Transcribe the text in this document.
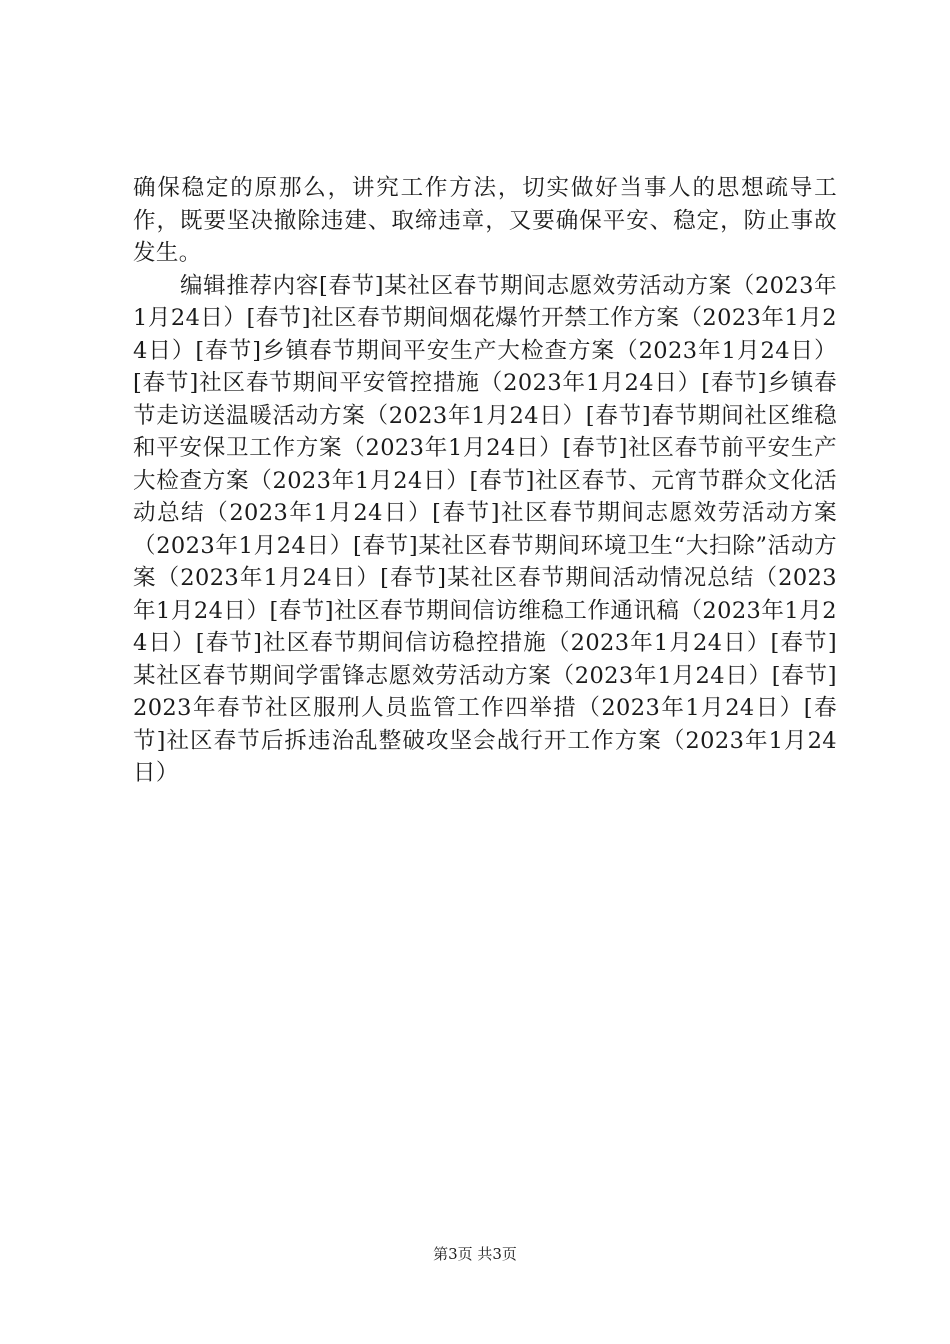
确保稳定的原那么，讲究工作方法，切实做好当事人的思想疏导工作，既要坚决撤除违建、取缔违章，又要确保平安、稳定，防止事故发生。

编辑推荐内容[春节]某社区春节期间志愿效劳活动方案（2023年1月24日）[春节]社区春节期间烟花爆竹开禁工作方案（2023年1月24日）[春节]乡镇春节期间平安生产大检查方案（2023年1月24日）[春节]社区春节期间平安管控措施（2023年1月24日）[春节]乡镇春节走访送温暖活动方案（2023年1月24日）[春节]春节期间社区维稳和平安保卫工作方案（2023年1月24日）[春节]社区春节前平安生产大检查方案（2023年1月24日）[春节]社区春节、元宵节群众文化活动总结（2023年1月24日）[春节]社区春节期间志愿效劳活动方案（2023年1月24日）[春节]某社区春节期间环境卫生“大扫除”活动方案（2023年1月24日）[春节]某社区春节期间活动情况总结（2023年1月24日）[春节]社区春节期间信访维稳工作通讯稿（2023年1月24日）[春节]社区春节期间信访稳控措施（2023年1月24日）[春节]某社区春节期间学雷锋志愿效劳活动方案（2023年1月24日）[春节]2023年春节社区服刑人员监管工作四举措（2023年1月24日）[春节]社区春节后拆违治乱整破攻坚会战行开工作方案（2023年1月24日）

第3页 共3页
